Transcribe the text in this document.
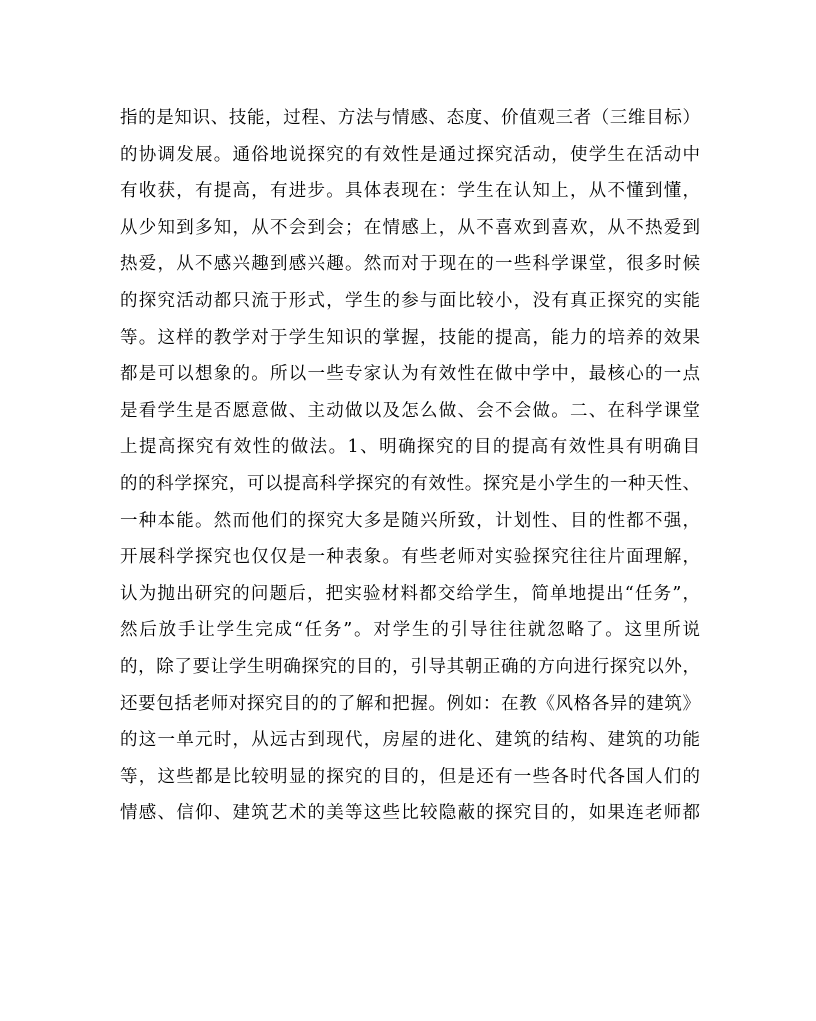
指的是知识、技能，过程、方法与情感、态度、价值观三者（三维目标）
的协调发展。通俗地说探究的有效性是通过探究活动，使学生在活动中
有收获，有提高，有进步。具体表现在：学生在认知上，从不懂到懂，
从少知到多知，从不会到会；在情感上，从不喜欢到喜欢，从不热爱到
热爱，从不感兴趣到感兴趣。然而对于现在的一些科学课堂，很多时候
的探究活动都只流于形式，学生的参与面比较小，没有真正探究的实能
等。这样的教学对于学生知识的掌握，技能的提高，能力的培养的效果
都是可以想象的。所以一些专家认为有效性在做中学中，最核心的一点
是看学生是否愿意做、主动做以及怎么做、会不会做。二、在科学课堂
上提高探究有效性的做法。1、明确探究的目的提高有效性具有明确目
的的科学探究，可以提高科学探究的有效性。探究是小学生的一种天性、
一种本能。然而他们的探究大多是随兴所致，计划性、目的性都不强，
开展科学探究也仅仅是一种表象。有些老师对实验探究往往片面理解，
认为抛出研究的问题后，把实验材料都交给学生，简单地提出“任务”，
然后放手让学生完成“任务”。对学生的引导往往就忽略了。这里所说
的，除了要让学生明确探究的目的，引导其朝正确的方向进行探究以外，
还要包括老师对探究目的的了解和把握。例如：在教《风格各异的建筑》
的这一单元时，从远古到现代，房屋的进化、建筑的结构、建筑的功能
等，这些都是比较明显的探究的目的，但是还有一些各时代各国人们的
情感、信仰、建筑艺术的美等这些比较隐蔽的探究目的，如果连老师都
